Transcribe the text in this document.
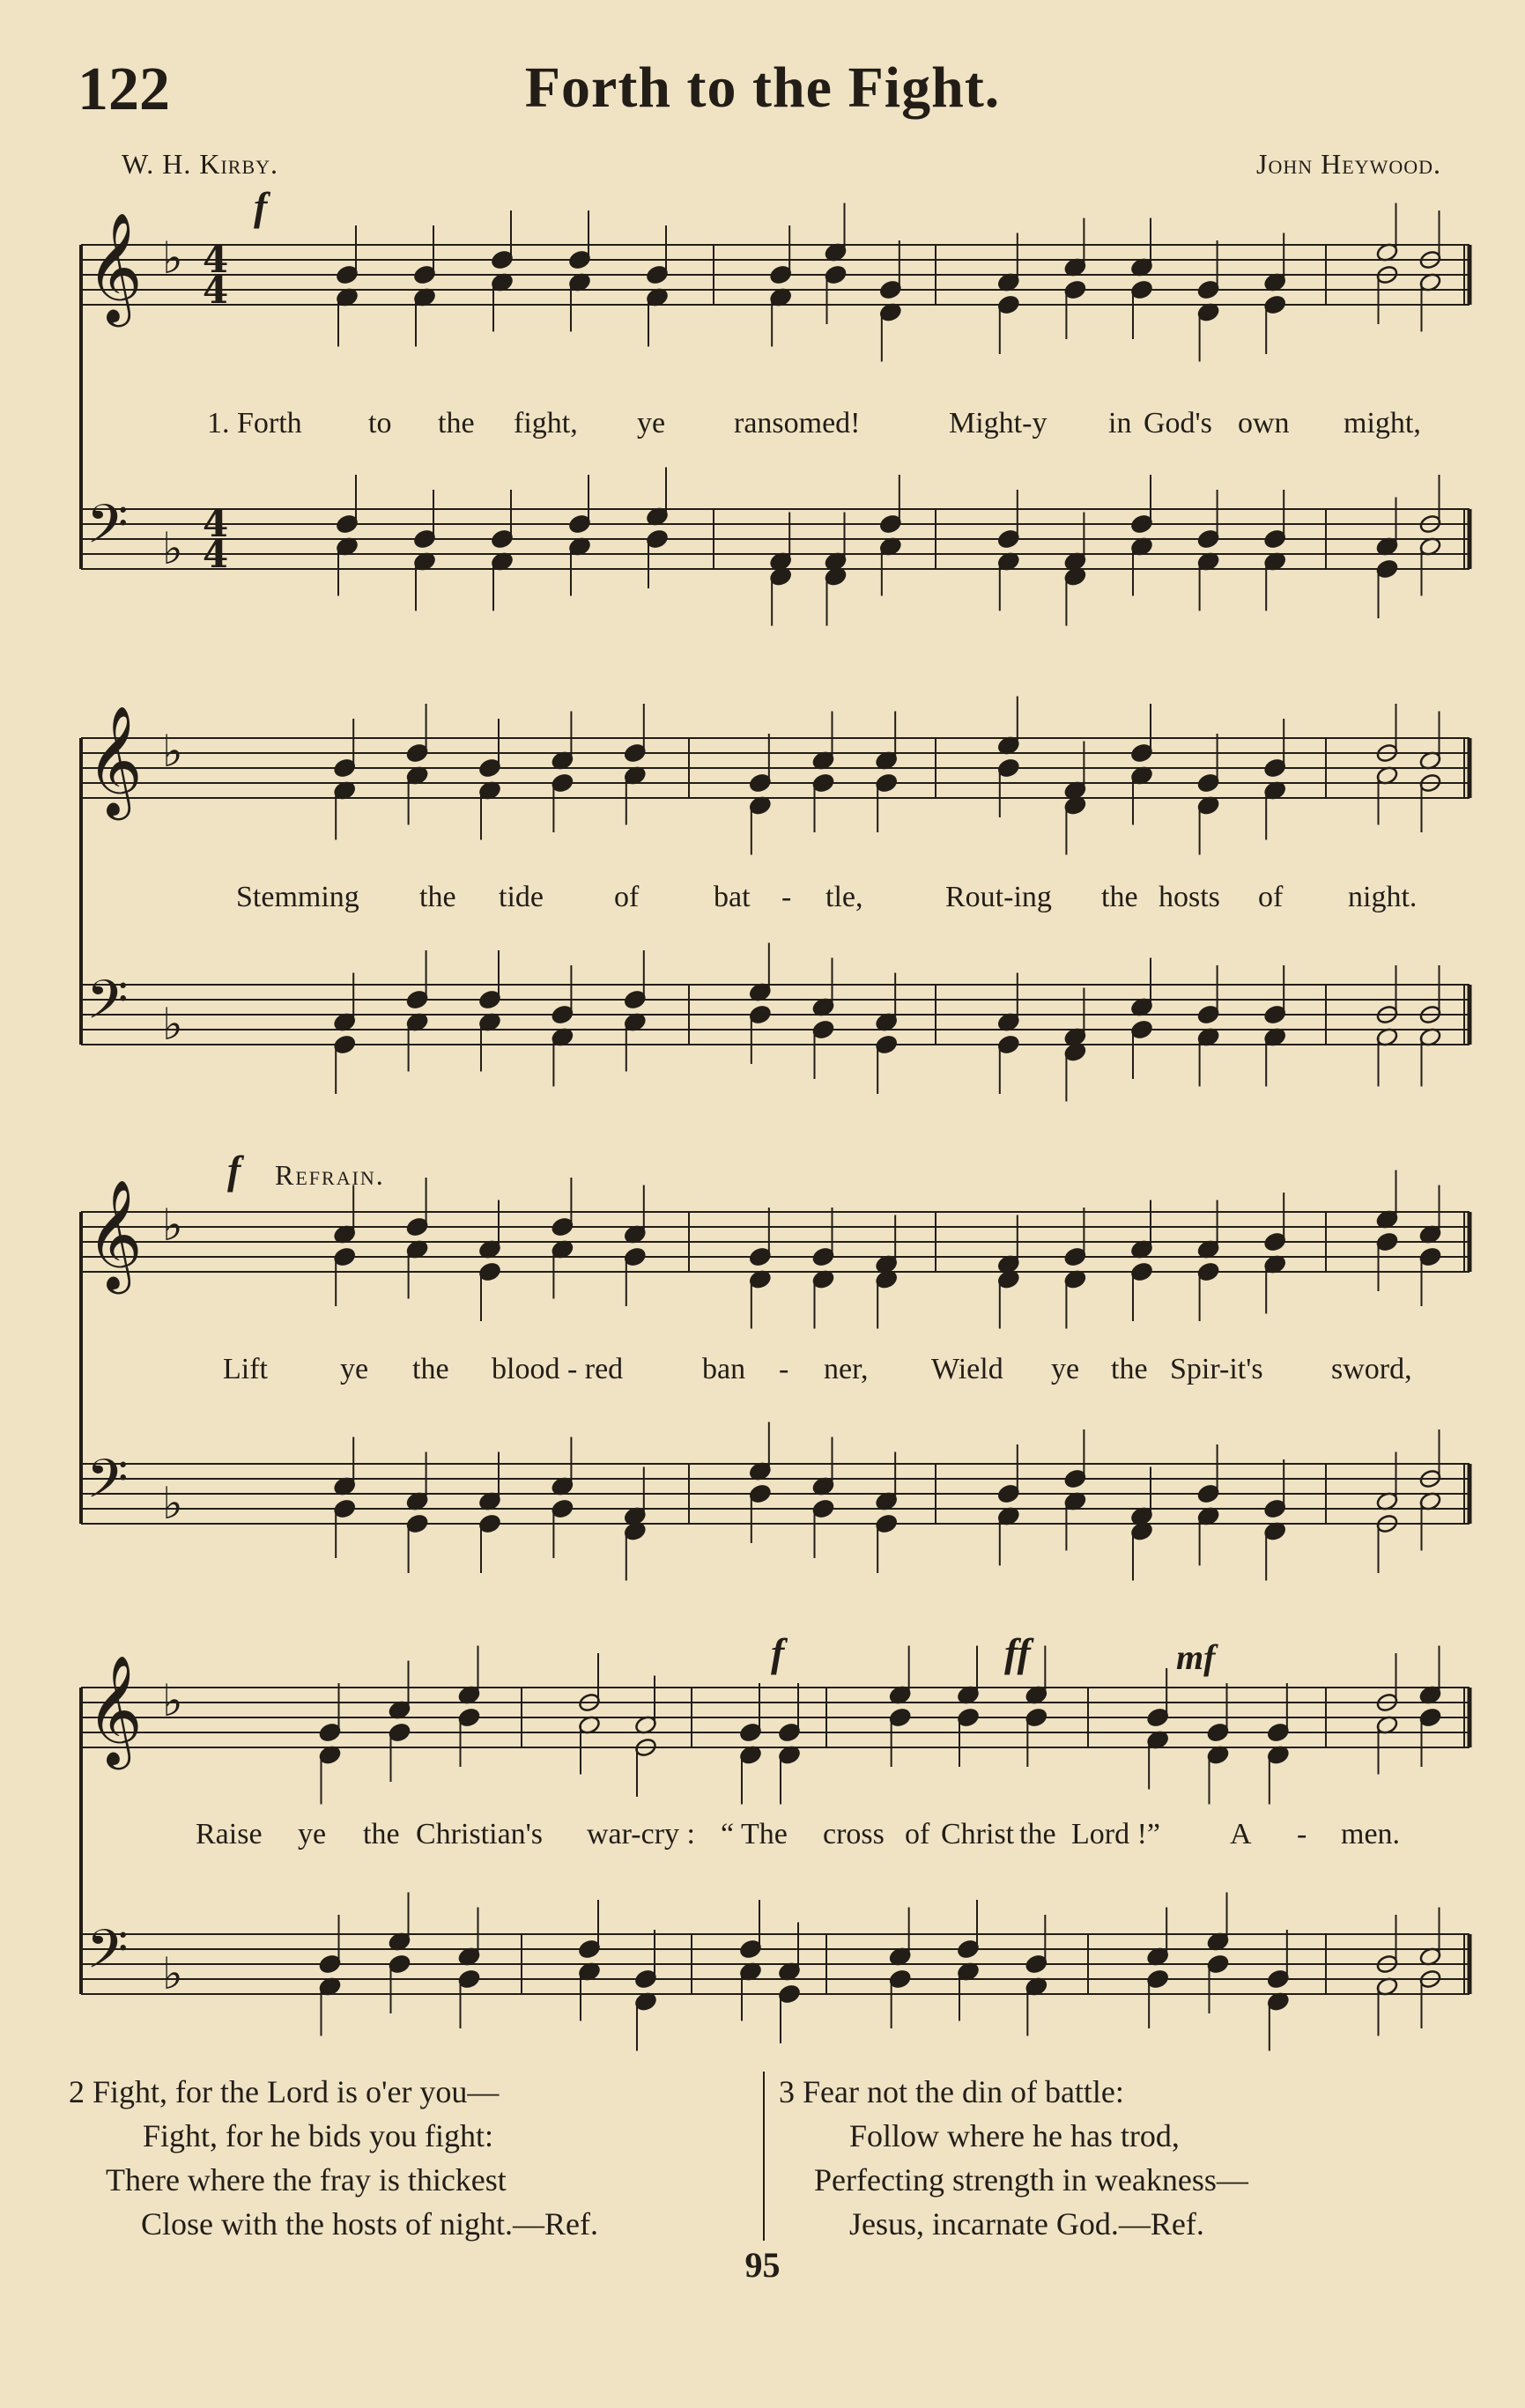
122	Forth to the Fight.
W. H. Kirby.	John Heywood.
𝄞 ♭ 4
4
𝄢 ♭ 4
4
𝄞 ♭
𝄢 ♭
𝄞 ♭
𝄢 ♭
𝄞 ♭
𝄢 ♭
f
f Refrain.
f	ff	mf
1. Forth to the fight, ye ransomed!	Might-y in God's own might,
Stemming the tide of bat - tle,	Rout-ing the hosts of night.
Lift ye the blood - red	ban - ner, Wield ye the Spir-it's sword,
Raise ye the Christian's war-cry : “ The cross of Christ the Lord !” A - men.
2 Fight, for the Lord is o'er you—
Fight, for he bids you fight:
There where the fray is thickest
Close with the hosts of night.—Ref.
3 Fear not the din of battle:
Follow where he has trod,
Perfecting strength in weakness—
Jesus, incarnate God.—Ref.
95
